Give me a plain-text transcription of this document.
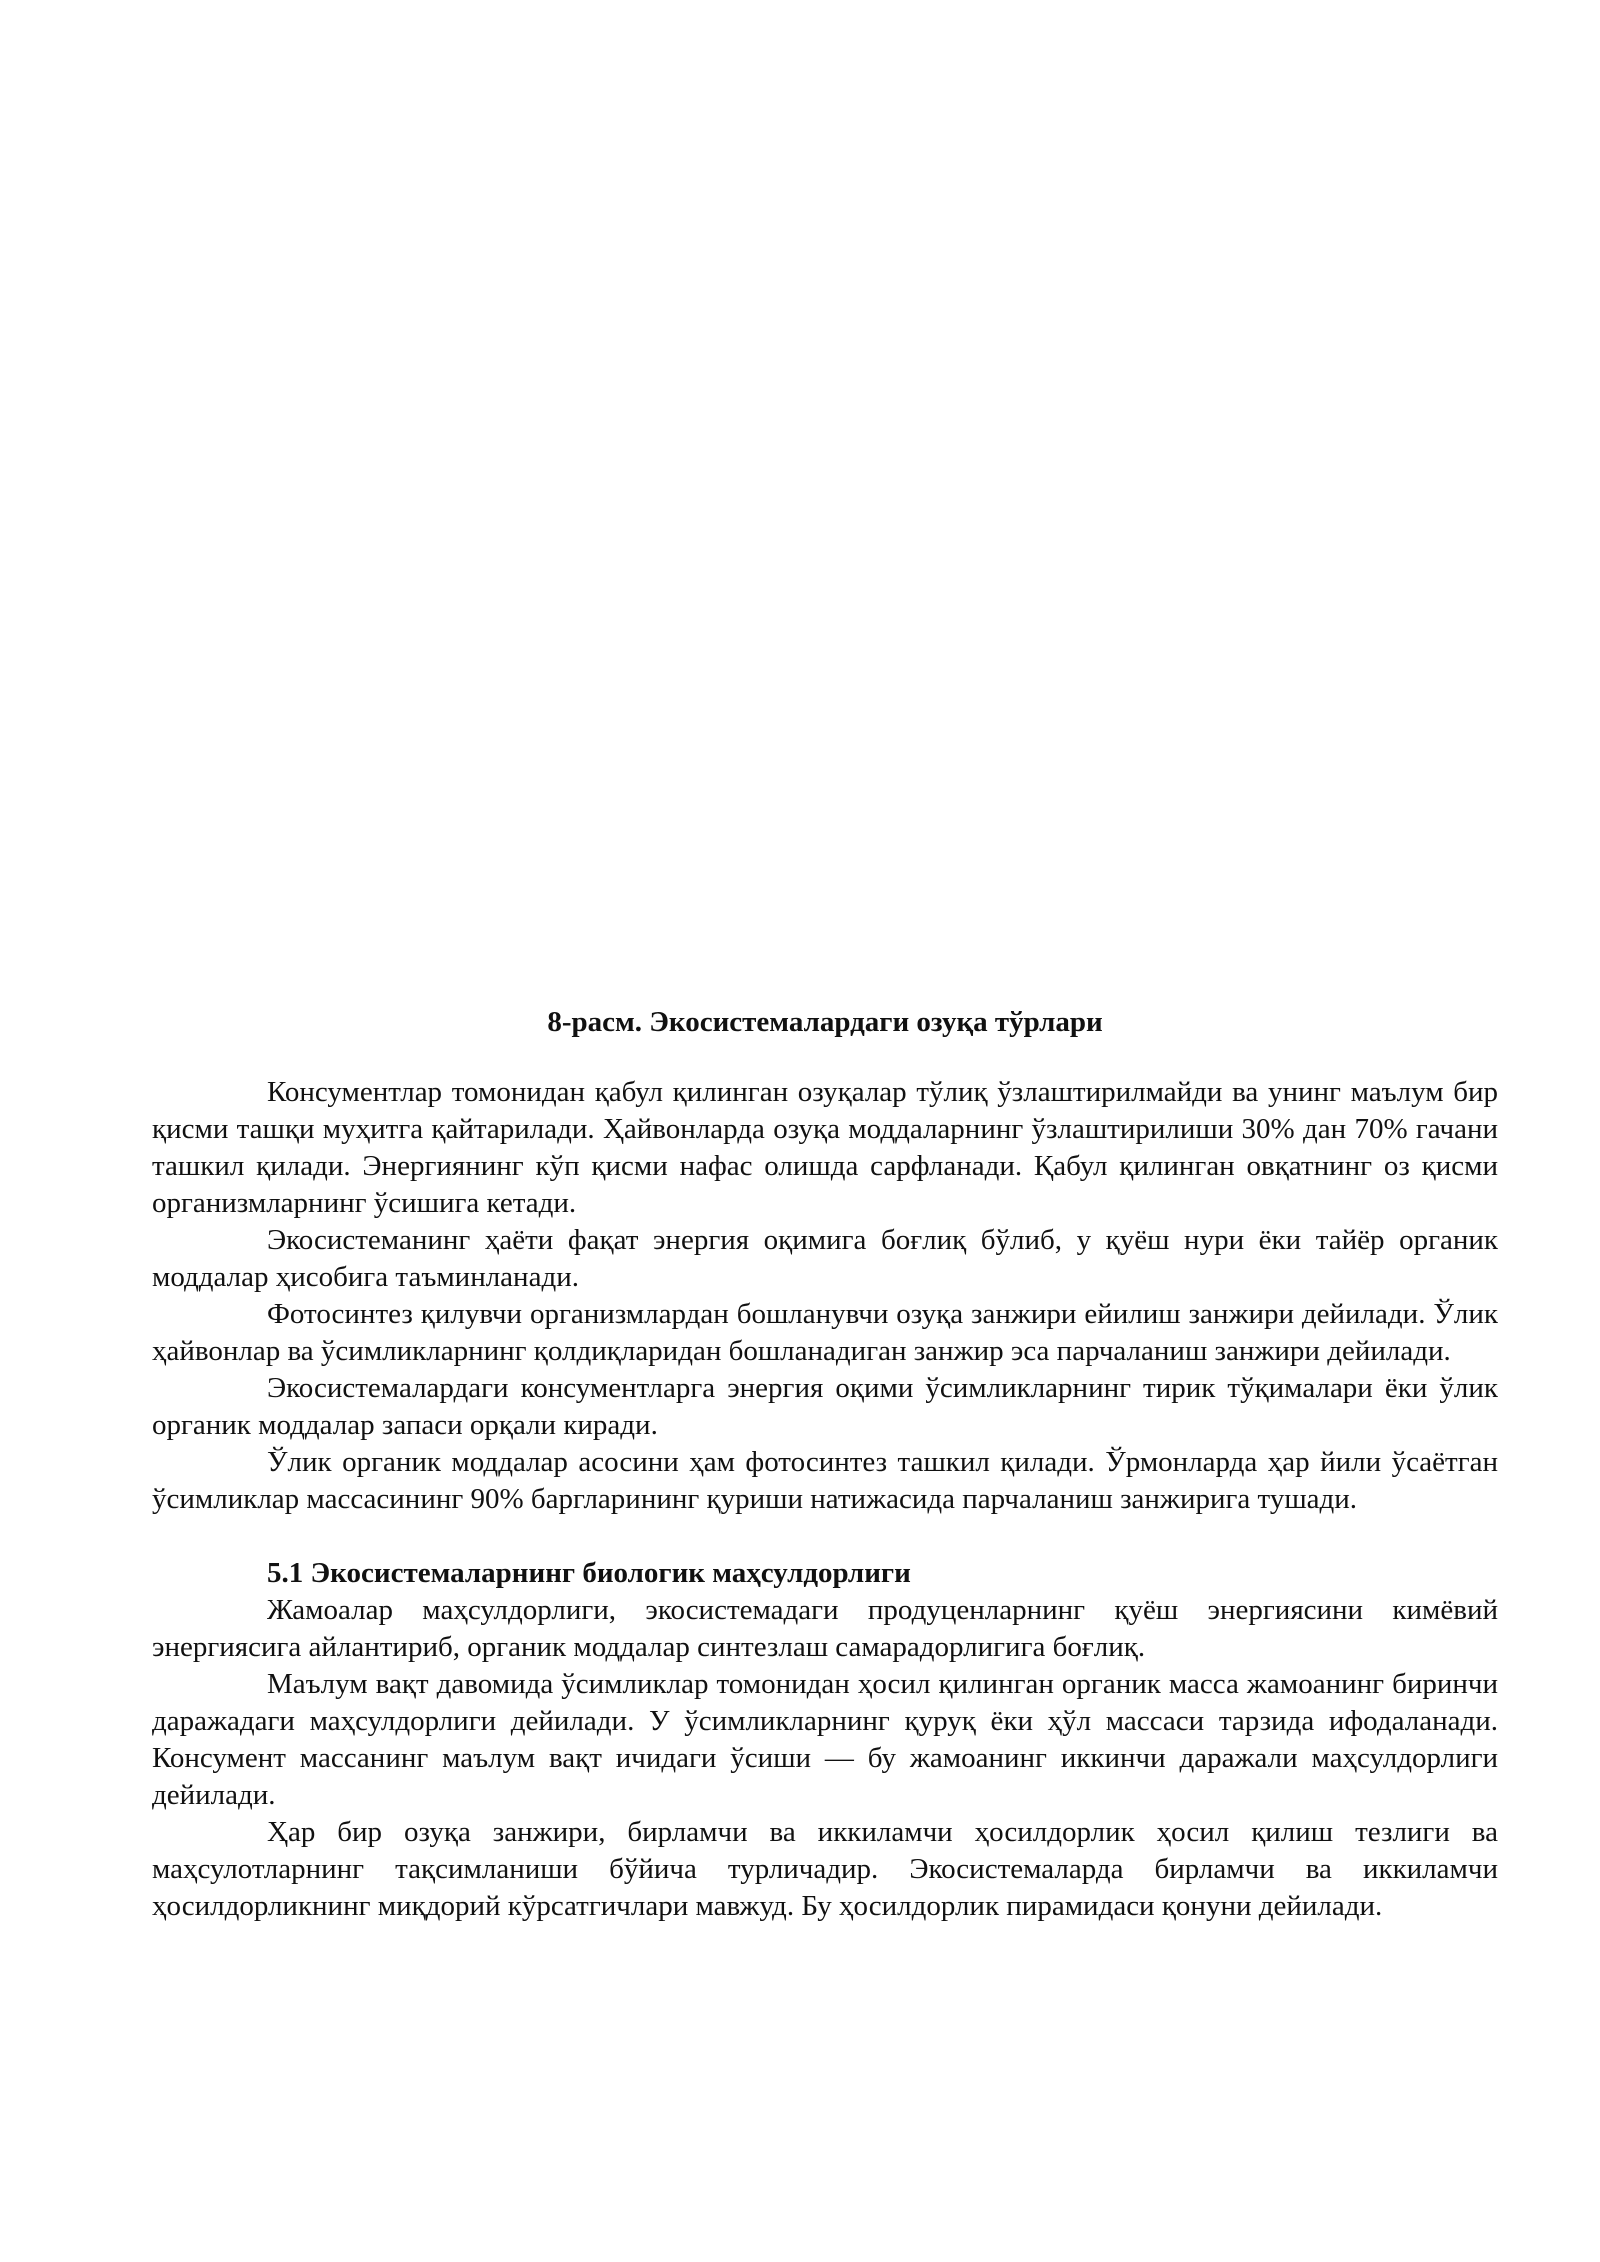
8-расм. Экосистемалардаги озуқа тўрлари

Консументлар томонидан қабул қилинган озуқалар тўлиқ ўзлаштирилмайди ва унинг маълум бир қисми ташқи муҳитга қайтарилади. Ҳайвонларда озуқа моддаларнинг ўзлаштирилиши 30% дан 70% гачани ташкил қилади. Энергиянинг кўп қисми нафас олишда сарфланади. Қабул қилинган овқатнинг оз қисми организмларнинг ўсишига кетади.

Экосистеманинг ҳаёти фақат энергия оқимига боғлиқ бўлиб, у қуёш нури ёки тайёр органик моддалар ҳисобига таъминланади.

Фотосинтез қилувчи организмлардан бошланувчи озуқа занжири ейилиш занжири дейилади. Ўлик ҳайвонлар ва ўсимликларнинг қолдиқларидан бошланадиган занжир эса парчаланиш занжири дейилади.

Экосистемалардаги консументларга энергия оқими ўсимликларнинг тирик тўқималари ёки ўлик органик моддалар запаси орқали киради.

Ўлик органик моддалар асосини ҳам фотосинтез ташкил қилади. Ўрмонларда ҳар йили ўсаётган ўсимликлар массасининг 90% баргларининг қуриши натижасида парчаланиш занжирига тушади.

5.1 Экосистемаларнинг биологик маҳсулдорлиги

Жамоалар маҳсулдорлиги, экосистемадаги продуценларнинг қуёш энергиясини кимёвий энергиясига айлантириб, органик моддалар синтезлаш самарадорлигига боғлиқ.

Маълум вақт давомида ўсимликлар томонидан ҳосил қилинган органик масса жамоанинг биринчи даражадаги маҳсулдорлиги дейилади. У ўсимликларнинг қуруқ ёки ҳўл массаси тарзида ифодаланади. Консумент массанинг маълум вақт ичидаги ўсиши — бу жамоанинг иккинчи даражали маҳсулдорлиги дейилади.

Ҳар бир озуқа занжири, бирламчи ва иккиламчи ҳосилдорлик ҳосил қилиш тезлиги ва маҳсулотларнинг тақсимланиши бўйича турличадир. Экосистемаларда бирламчи ва иккиламчи ҳосилдорликнинг миқдорий кўрсатгичлари мавжуд. Бу ҳосилдорлик пирамидаси қонуни дейилади.
